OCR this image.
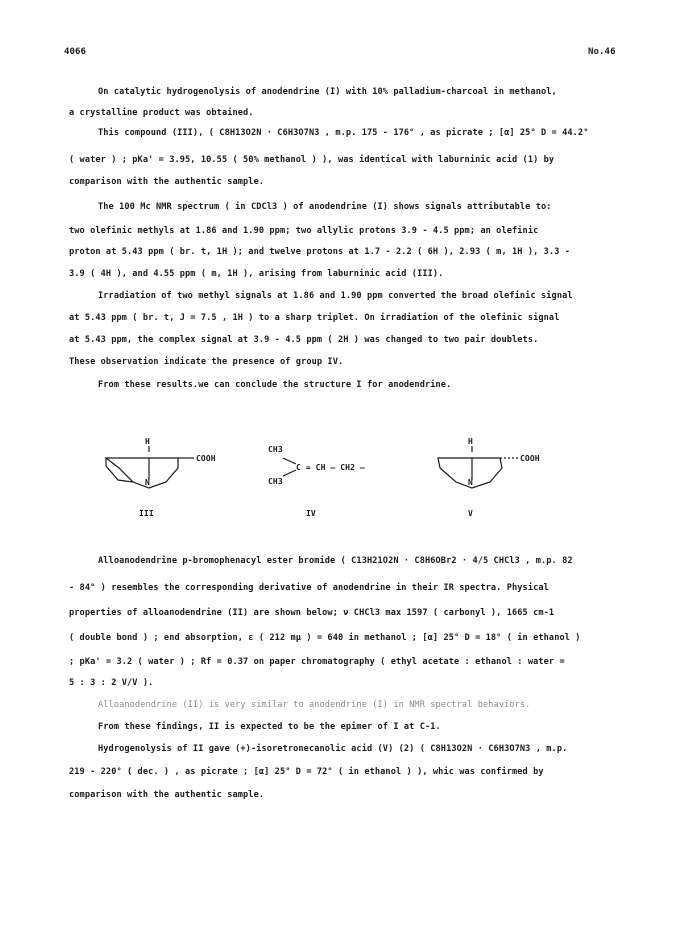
4066	No.46
On catalytic hydrogenolysis of anodendrine (I) with 10% palladium-charcoal in methanol,
a crystalline product was obtained.
This compound (III), ( C8H13O2N · C6H3O7N3 , m.p. 175 - 176° , as picrate ; [α] 25° D = 44.2°
( water ) ; pKa' = 3.95, 10.55 ( 50% methanol ) ), was identical with laburninic acid (1) by
comparison with the authentic sample.
The 100 Mc NMR spectrum ( in CDCl3 ) of anodendrine (I) shows signals attributable to:
two olefinic methyls at 1.86 and 1.90 ppm; two allylic protons 3.9 - 4.5 ppm; an olefinic
proton at 5.43 ppm ( br. t, 1H ); and twelve protons at 1.7 - 2.2 ( 6H ), 2.93 ( m, 1H ), 3.3 -
3.9 ( 4H ), and 4.55 ppm ( m, 1H ), arising from laburninic acid (III).
Irradiation of two methyl signals at 1.86 and 1.90 ppm converted the broad olefinic signal
at 5.43 ppm ( br. t, J = 7.5 , 1H ) to a sharp triplet. On irradiation of the olefinic signal
at 5.43 ppm, the complex signal at 3.9 - 4.5 ppm ( 2H ) was changed to two pair doublets.
These observation indicate the presence of group IV.
From these results.we can conclude the structure I for anodendrine.
H
N
COOH
III
CH3
CH3
C = CH — CH2 —
IV
H
N
COOH
V
Alloanodendrine p-bromophenacyl ester bromide ( C13H21O2N · C8H6OBr2 · 4/5 CHCl3 , m.p. 82
- 84° ) resembles the corresponding derivative of anodendrine in their IR spectra. Physical
properties of alloanodendrine (II) are shown below; ν CHCl3 max 1597 ( carbonyl ), 1665 cm-1
( double bond ) ; end absorption, ε ( 212 mμ ) = 640 in methanol ; [α] 25° D = 18° ( in ethanol )
; pKa' = 3.2 ( water ) ; Rf = 0.37 on paper chromatography ( ethyl acetate : ethanol : water =
5 : 3 : 2 V/V ).
Alloanodendrine (II) is very similar to anodendrine (I) in NMR spectral behaviors.
From these findings, II is expected to be the epimer of I at C-1.
Hydrogenolysis of II gave (+)-isoretronecanolic acid (V) (2) ( C8H13O2N · C6H3O7N3 , m.p.
219 - 220° ( dec. ) , as picrate ; [α] 25° D = 72° ( in ethanol ) ), whic was confirmed by
comparison with the authentic sample.
